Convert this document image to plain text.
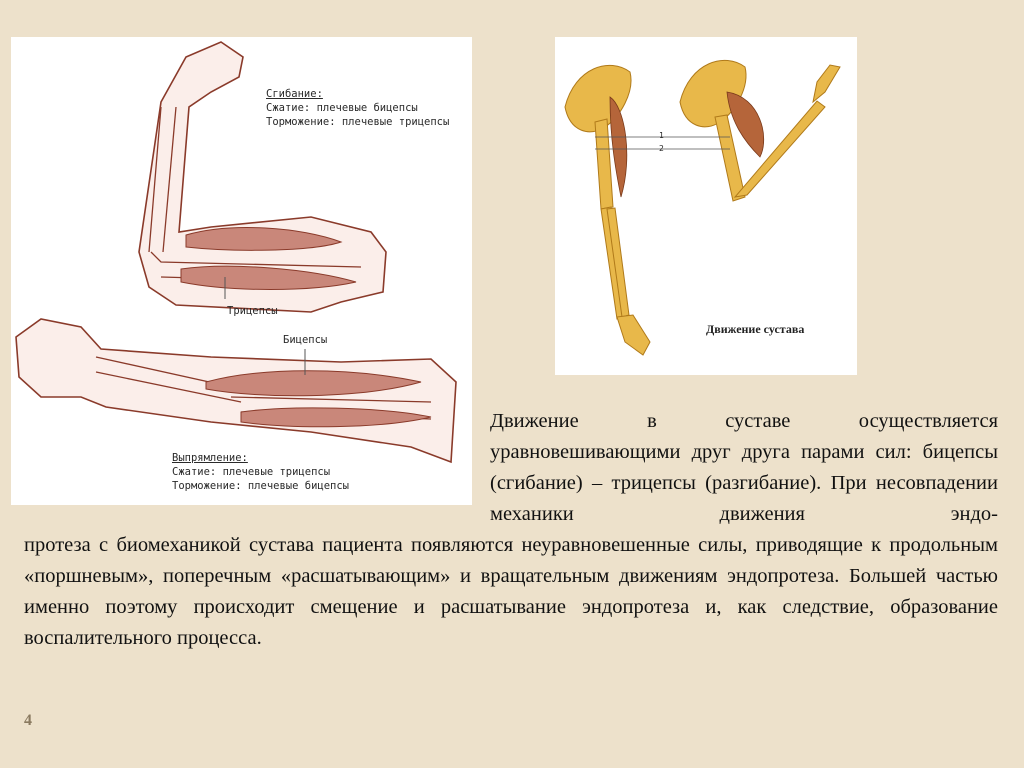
Сгибание:
Сжатие: плечевые бицепсы
Торможение: плечевые трицепсы
Трицепсы
Бицепсы
Выпрямление:
Сжатие: плечевые трицепсы
Торможение: плечевые бицепсы
1
2
Движение сустава

Движение в суставе осуществляется уравновешивающими друг друга парами сил: бицепсы (сгибание) – трицепсы (разгибание). При несовпадении механики движения эндо-

протеза с биомеханикой сустава пациента появляются неуравновешенные силы, приводящие к продольным «поршневым», поперечным «расшатывающим» и вращательным движениям эндопротеза. Большей частью именно поэтому происходит смещение и расшатывание эндопротеза и, как следствие, образование воспалительного процесса.

4
